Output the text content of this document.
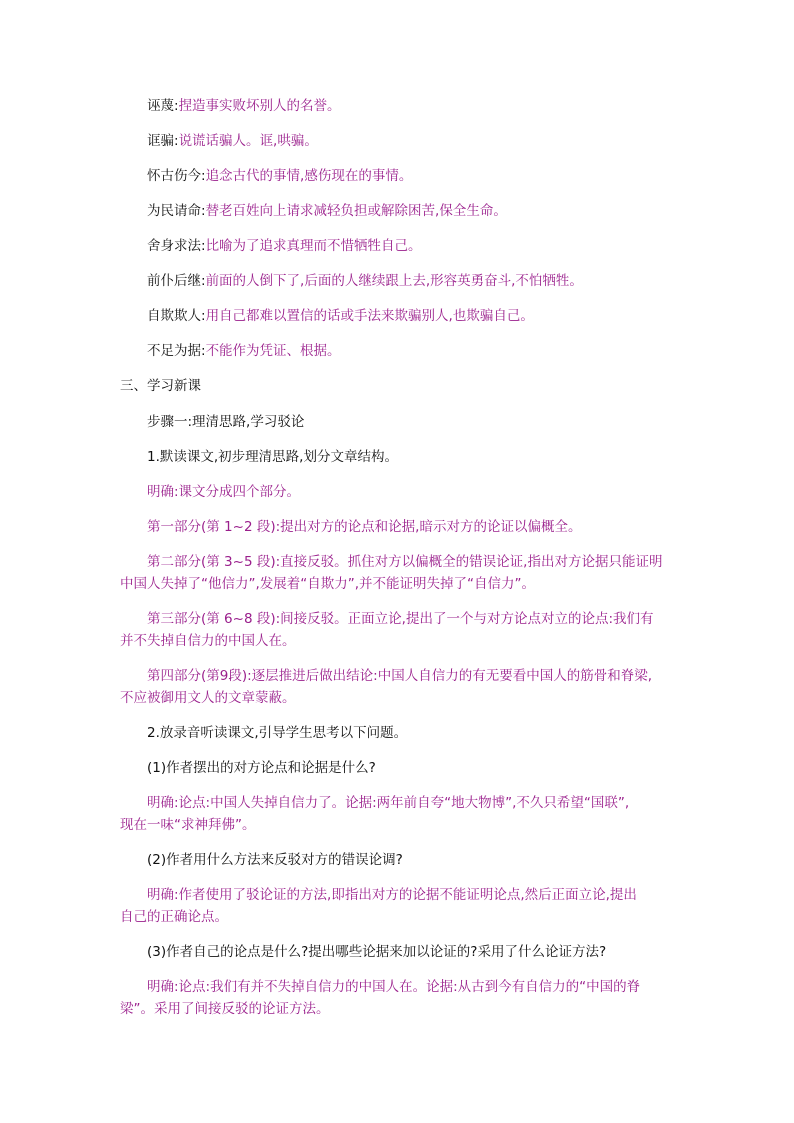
诬蔑:捏造事实败坏别人的名誉。
诓骗:说谎话骗人。诓,哄骗。
怀古伤今:追念古代的事情,感伤现在的事情。
为民请命:替老百姓向上请求减轻负担或解除困苦,保全生命。
舍身求法:比喻为了追求真理而不惜牺牲自己。
前仆后继:前面的人倒下了,后面的人继续跟上去,形容英勇奋斗,不怕牺牲。
自欺欺人:用自己都难以置信的话或手法来欺骗别人,也欺骗自己。
不足为据:不能作为凭证、根据。
三、学习新课
步骤一:理清思路,学习驳论
1.默读课文,初步理清思路,划分文章结构。
明确:课文分成四个部分。
第一部分(第 1~2 段):提出对方的论点和论据,暗示对方的论证以偏概全。
第二部分(第 3~5 段):直接反驳。抓住对方以偏概全的错误论证,指出对方论据只能证明
中国人失掉了“他信力”,发展着“自欺力”,并不能证明失掉了“自信力”。
第三部分(第 6~8 段):间接反驳。正面立论,提出了一个与对方论点对立的论点:我们有
并不失掉自信力的中国人在。
第四部分(第9段):逐层推进后做出结论:中国人自信力的有无要看中国人的筋骨和脊梁,
不应被御用文人的文章蒙蔽。
2.放录音听读课文,引导学生思考以下问题。
(1)作者摆出的对方论点和论据是什么?
明确:论点:中国人失掉自信力了。论据:两年前自夸“地大物博”,不久只希望“国联”,
现在一味“求神拜佛”。
(2)作者用什么方法来反驳对方的错误论调?
明确:作者使用了驳论证的方法,即指出对方的论据不能证明论点,然后正面立论,提出
自己的正确论点。
(3)作者自己的论点是什么?提出哪些论据来加以论证的?采用了什么论证方法?
明确:论点:我们有并不失掉自信力的中国人在。论据:从古到今有自信力的“中国的脊
梁”。采用了间接反驳的论证方法。
